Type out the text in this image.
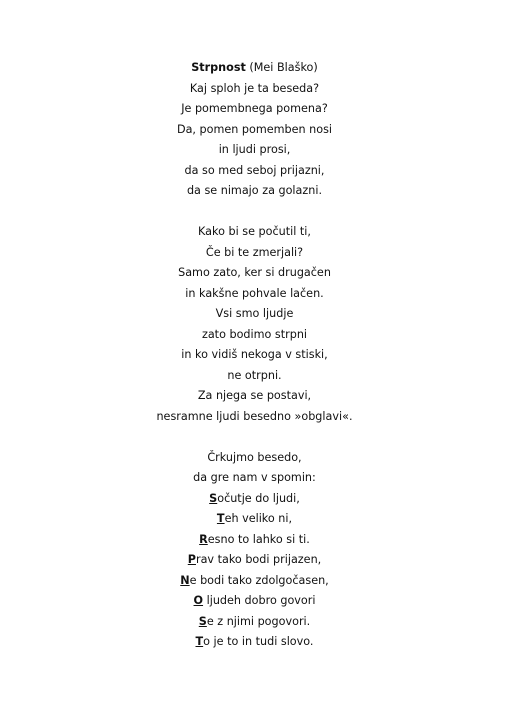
Strpnost (Mei Blaško)
Kaj sploh je ta beseda?
Je pomembnega pomena?
Da, pomen pomemben nosi
in ljudi prosi,
da so med seboj prijazni,
da se nimajo za golazni.
Kako bi se počutil ti,
Če bi te zmerjali?
Samo zato, ker si drugačen
in kakšne pohvale lačen.
Vsi smo ljudje
zato bodimo strpni
in ko vidiš nekoga v stiski,
ne otrpni.
Za njega se postavi,
nesramne ljudi besedno »obglavi«.
Črkujmo besedo,
da gre nam v spomin:
Sočutje do ljudi,
Teh veliko ni,
Resno to lahko si ti.
Prav tako bodi prijazen,
Ne bodi tako zdolgočasen,
O ljudeh dobro govori
Se z njimi pogovori.
To je to in tudi slovo.
